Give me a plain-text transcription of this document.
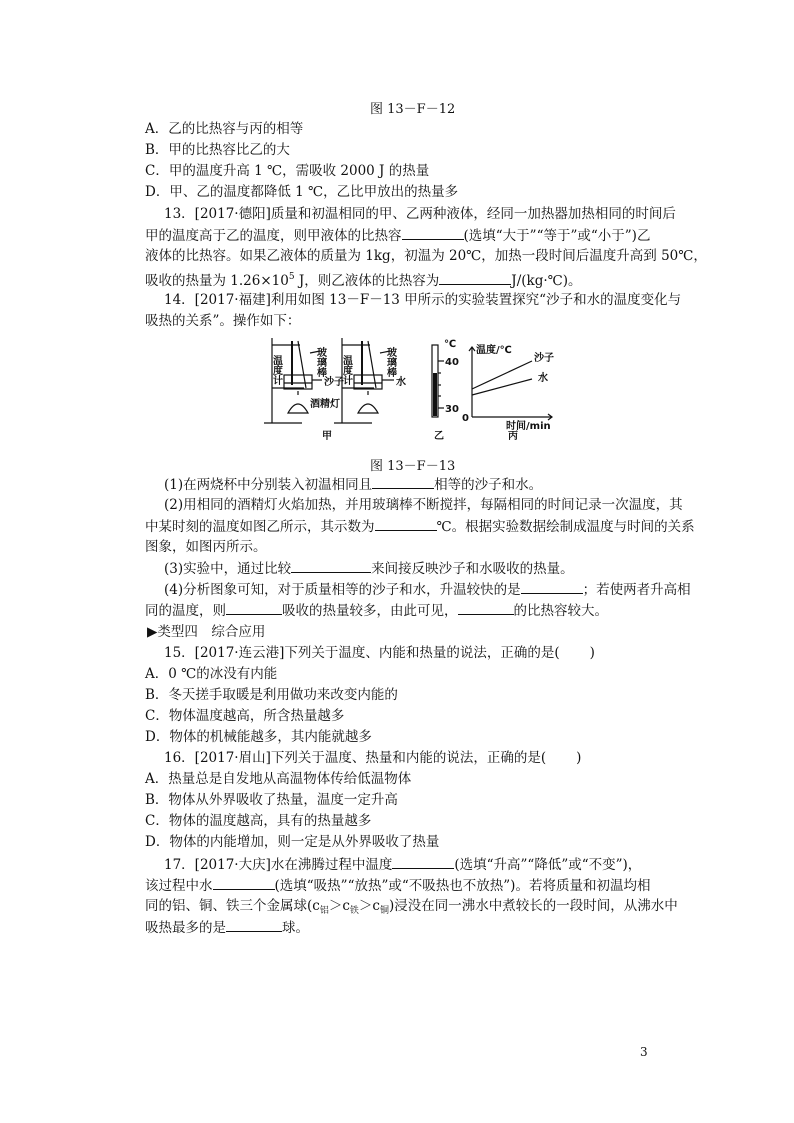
图 13－F－12
A．乙的比热容与丙的相等
B．甲的比热容比乙的大
C．甲的温度升高 1 ℃，需吸收 2000 J 的热量
D．甲、乙的温度都降低 1 ℃，乙比甲放出的热量多
13．[2017·德阳]质量和初温相同的甲、乙两种液体，经同一加热器加热相同的时间后
甲的温度高于乙的温度，则甲液体的比热容	(选填“大于”“等于”或“小于”)乙
液体的比热容。如果乙液体的质量为 1kg，初温为 20℃，加热一段时间后温度升高到 50℃，
吸收的热量为 $1.26\times 10^5$ J，则乙液体的比热容为	J/(kg·℃)。
14．[2017·福建]利用如图 13－F－13 甲所示的实验装置探究“沙子和水的温度变化与
吸热的关系”。操作如下：
温度计	玻璃棒
沙子
酒精灯
温度计	玻璃棒
水
℃
40
30
温度/℃
沙子
水
0
时间/min
甲	乙	丙
图 13－F－13
(1)在两烧杯中分别装入初温相同且	相等的沙子和水。
(2)用相同的酒精灯火焰加热，并用玻璃棒不断搅拌，每隔相同的时间记录一次温度，其
中某时刻的温度如图乙所示，其示数为	℃。根据实验数据绘制成温度与时间的关系
图象，如图丙所示。
(3)实验中，通过比较	来间接反映沙子和水吸收的热量。
(4)分析图象可知，对于质量相等的沙子和水，升温较快的是	；若使两者升高相
同的温度，则	吸收的热量较多，由此可见，	的比热容较大。
▶类型四　综合应用
15．[2017·连云港]下列关于温度、内能和热量的说法，正确的是( )
A．0 ℃的冰没有内能
B．冬天搓手取暖是利用做功来改变内能的
C．物体温度越高，所含热量越多
D．物体的机械能越多，其内能就越多
16．[2017·眉山]下列关于温度、热量和内能的说法，正确的是( )
A．热量总是自发地从高温物体传给低温物体
B．物体从外界吸收了热量，温度一定升高
C．物体的温度越高，具有的热量越多
D．物体的内能增加，则一定是从外界吸收了热量
17．[2017·大庆]水在沸腾过程中温度	(选填“升高”“降低”或“不变”)，
该过程中水	(选填“吸热”“放热”或“不吸热也不放热”)。若将质量和初温均相
同的铝、铜、铁三个金属球$(c_铝>c_铁>c_铜)$浸没在同一沸水中煮较长的一段时间，从沸水中
吸热最多的是	球。
3
